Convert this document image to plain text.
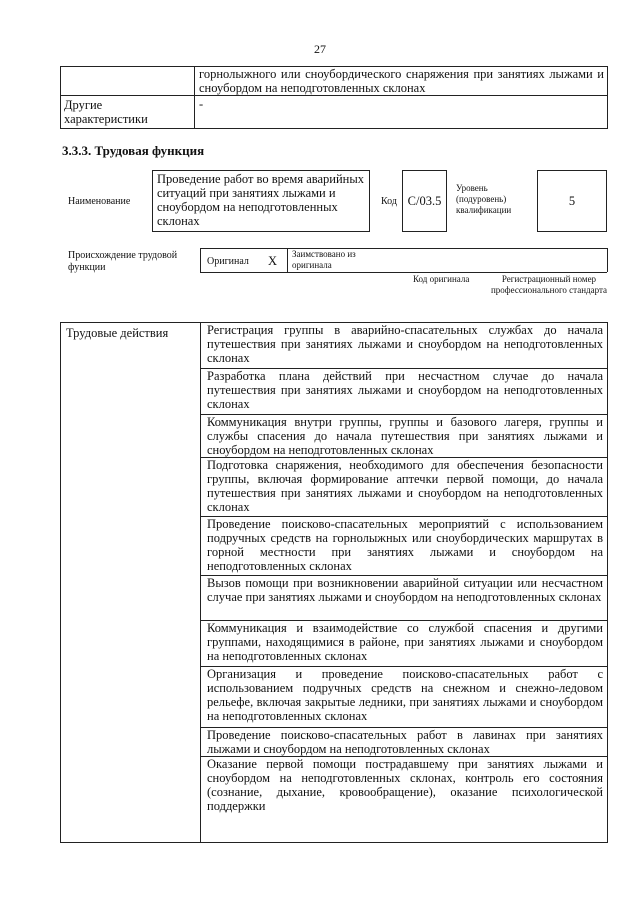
27
горнолыжного или сноубордического снаряжения при занятиях лыжами и сноубордом на неподготовленных склонах
Другие характеристики
-
3.3.3. Трудовая функция
Наименование
Проведение работ во время аварийных ситуаций при занятиях лыжами и сноубордом на неподготовленных склонах
Код С/03.5
Уровень (подуровень) квалификации
5
Происхождение трудовой функции
Оригинал X Заимствовано из оригинала
Код оригинала	Регистрационный номер профессионального стандарта
Трудовые действия	Регистрация группы в аварийно-спасательных службах до начала путешествия при занятиях лыжами и сноубордом на неподготовленных склонах
Разработка плана действий при несчастном случае до начала путешествия при занятиях лыжами и сноубордом на неподготовленных склонах
Коммуникация внутри группы, группы и базового лагеря, группы и службы спасения до начала путешествия при занятиях лыжами и сноубордом на неподготовленных склонах
Подготовка снаряжения, необходимого для обеспечения безопасности группы, включая формирование аптечки первой помощи, до начала путешествия при занятиях лыжами и сноубордом на неподготовленных склонах
Проведение поисково-спасательных мероприятий с использованием подручных средств на горнолыжных или сноубордических маршрутах в горной местности при занятиях лыжами и сноубордом на неподготовленных склонах
Вызов помощи при возникновении аварийной ситуации или несчастном случае при занятиях лыжами и сноубордом на неподготовленных склонах
Коммуникация и взаимодействие со службой спасения и другими группами, находящимися в районе, при занятиях лыжами и сноубордом на неподготовленных склонах
Организация и проведение поисково-спасательных работ с использованием подручных средств на снежном и снежно-ледовом рельефе, включая закрытые ледники, при занятиях лыжами и сноубордом на неподготовленных склонах
Проведение поисково-спасательных работ в лавинах при занятиях лыжами и сноубордом на неподготовленных склонах
Оказание первой помощи пострадавшему при занятиях лыжами и сноубордом на неподготовленных склонах, контроль его состояния (сознание, дыхание, кровообращение), оказание психологической поддержки
